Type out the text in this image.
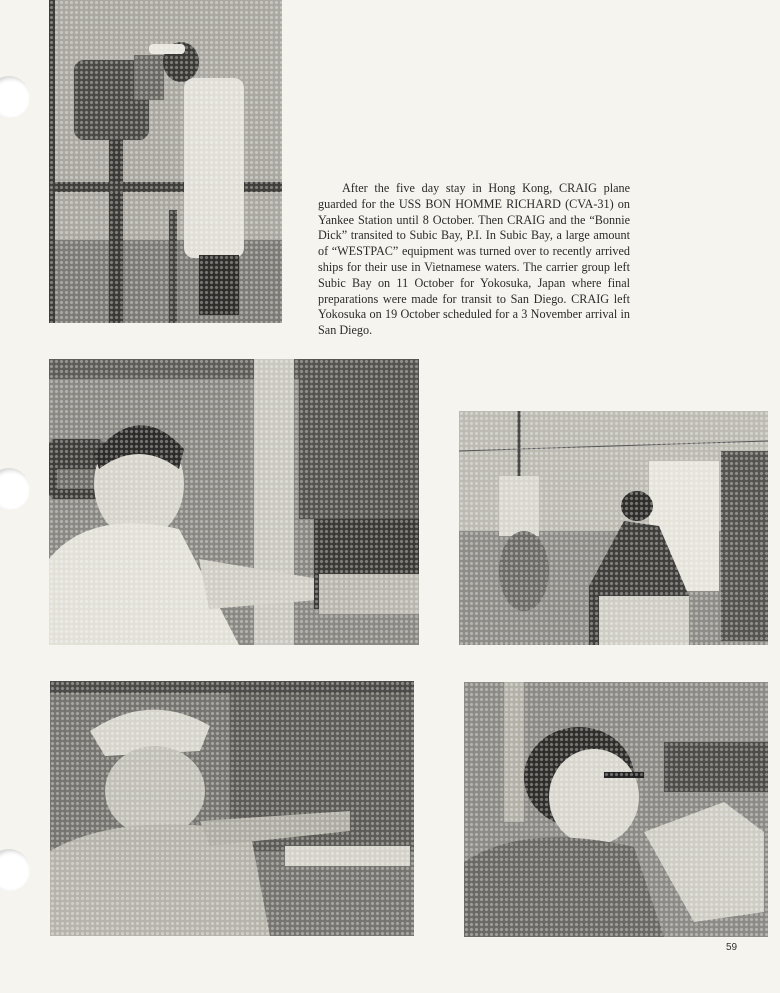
After the five day stay in Hong Kong, CRAIG plane guarded for the USS BON HOMME RICHARD (CVA-31) on Yankee Station until 8 October. Then CRAIG and the “Bonnie Dick” transited to Subic Bay, P.I. In Subic Bay, a large amount of “WESTPAC” equipment was turned over to recently arrived ships for their use in Vietnamese waters. The carrier group left Subic Bay on 11 October for Yokosuka, Japan where final preparations were made for transit to San Diego. CRAIG left Yokosuka on 19 October scheduled for a 3 November arrival in San Diego.

59
